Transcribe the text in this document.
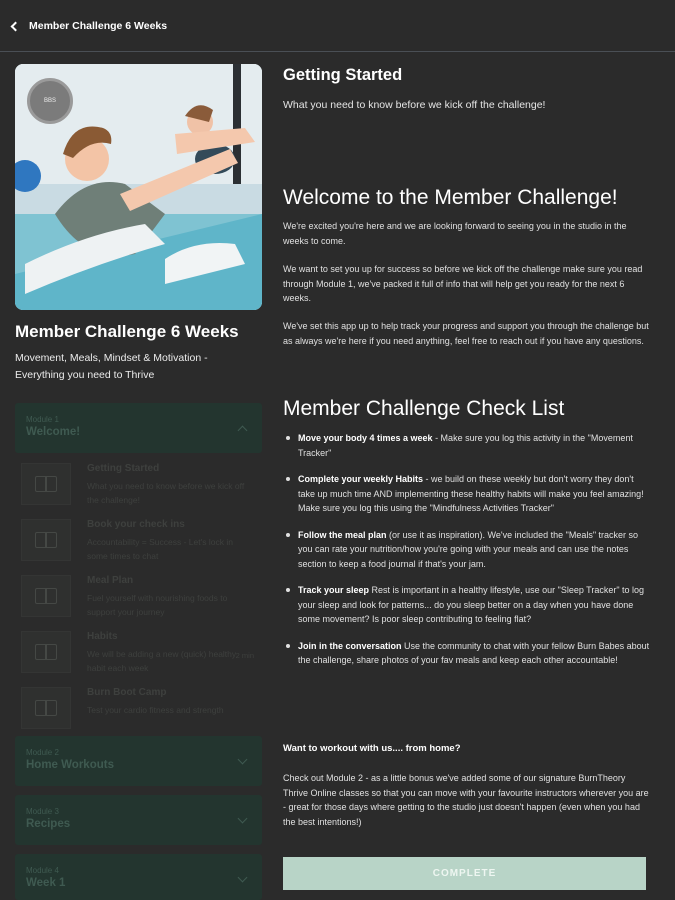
Member Challenge 6 Weeks
BBS
Member Challenge 6 Weeks
Movement, Meals, Mindset & Motivation - Everything you need to Thrive
Module 1
Welcome!
Getting Started
What you need to know before we kick off the challenge!
Book your check ins
Accountability = Success - Let's lock in some times to chat
Meal Plan
Fuel yourself with nourishing foods to support your journey
Habits
We will be adding a new (quick) healthy habit each week
2 min
Burn Boot Camp
Test your cardio fitness and strength
Module 2
Home Workouts
Module 3
Recipes
Module 4
Week 1
Getting Started
What you need to know before we kick off the challenge!
Welcome to the Member Challenge!
We're excited you're here and we are looking forward to seeing you in the studio in the weeks to come.
We want to set you up for success so before we kick off the challenge make sure you read through Module 1, we've packed it full of info that will help get you ready for the next 6 weeks.
We've set this app up to help track your progress and support you through the challenge but as always we're here if you need anything, feel free to reach out if you have any questions.
Member Challenge Check List
Move your body 4 times a week - Make sure you log this activity in the "Movement Tracker"
Complete your weekly Habits - we build on these weekly but don't worry they don't take up much time AND implementing these healthy habits will make you feel amazing! Make sure you log this using the "Mindfulness Activities Tracker"
Follow the meal plan (or use it as inspiration). We've included the "Meals" tracker so you can rate your nutrition/how you're going with your meals and can use the notes section to keep a food journal if that's your jam.
Track your sleep Rest is important in a healthy lifestyle, use our "Sleep Tracker" to log your sleep and look for patterns... do you sleep better on a day when you have done some movement? Is poor sleep contributing to feeling flat?
Join in the conversation Use the community to chat with your fellow Burn Babes about the challenge, share photos of your fav meals and keep each other accountable!
Want to workout with us.... from home?
Check out Module 2 - as a little bonus we've added some of our signature BurnTheory Thrive Online classes so that you can move with your favourite instructors wherever you are - great for those days where getting to the studio just doesn't happen (even when you had the best intentions!)
COMPLETE
